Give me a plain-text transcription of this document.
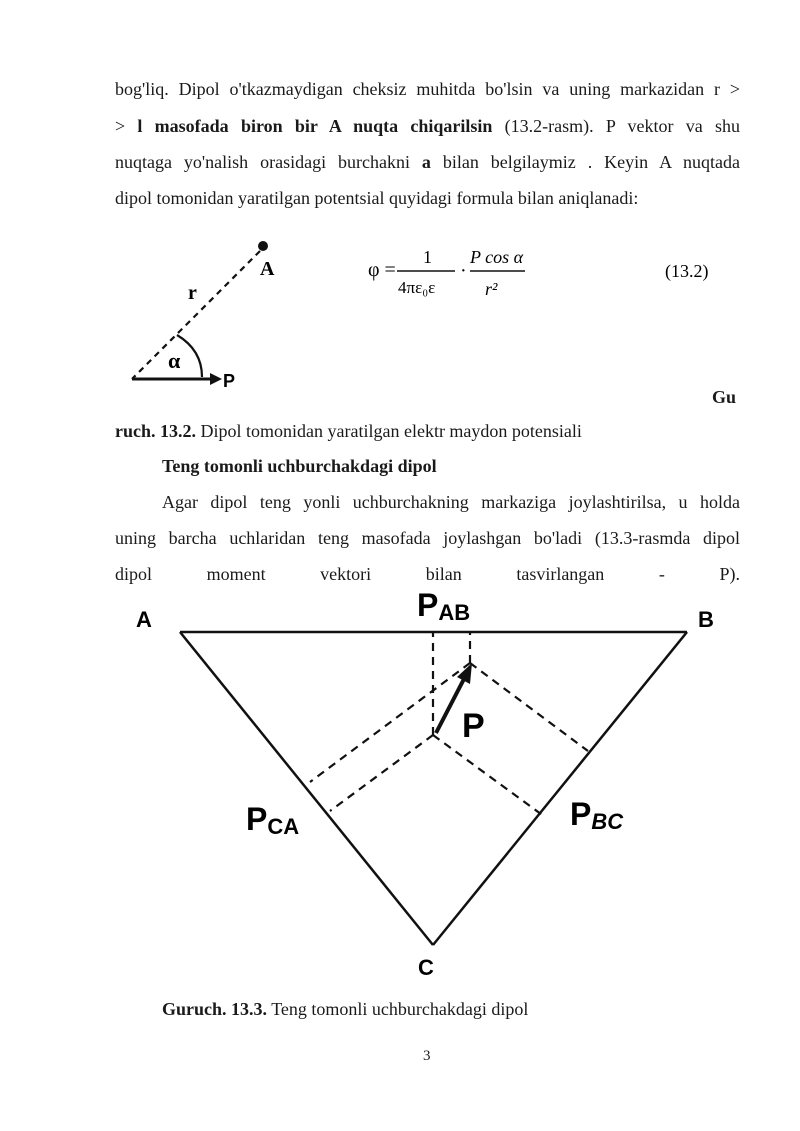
bog'liq. Dipol o'tkazmaydigan cheksiz muhitda bo'lsin va uning markazidan r >
> l masofada biron bir A nuqta chiqarilsin (13.2-rasm). P vektor va shu
nuqtaga yo'nalish orasidagi burchakni a bilan belgilaymiz . Keyin A nuqtada
dipol tomonidan yaratilgan potentsial quyidagi formula bilan aniqlanadi:
A
r
α
P
φ =
1
4πε₀ε
·
P cos α
r²
(13.2)
Gu
ruch. 13.2. Dipol tomonidan yaratilgan elektr maydon potensiali
Teng tomonli uchburchakdagi dipol
Agar dipol teng yonli uchburchakning markaziga joylashtirilsa, u holda
uning barcha uchlaridan teng masofada joylashgan bo'ladi (13.3-rasmda dipol
dipol	moment	vektori	bilan	tasvirlangan	-	P).
A	B
C
PAB
PCA	PBC
P
Guruch. 13.3. Teng tomonli uchburchakdagi dipol
3
